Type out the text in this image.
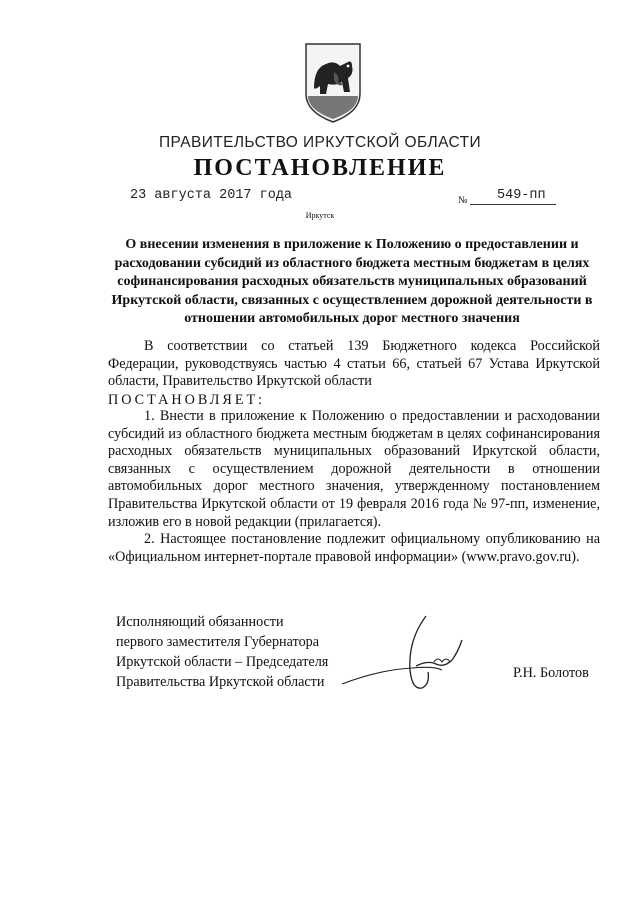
ПРАВИТЕЛЬСТВО ИРКУТСКОЙ ОБЛАСТИ
ПОСТАНОВЛЕНИЕ
23 августа 2017 года	№ 549-пп
Иркутск
О внесении изменения в приложение к Положению о предоставлении и расходовании субсидий из областного бюджета местным бюджетам в целях софинансирования расходных обязательств муниципальных образований Иркутской области, связанных с осуществлением дорожной деятельности в отношении автомобильных дорог местного значения
В соответствии со статьей 139 Бюджетного кодекса Российской Федерации, руководствуясь частью 4 статьи 66, статьей 67 Устава Иркутской области, Правительство Иркутской области
ПОСТАНОВЛЯЕТ:
1. Внести в приложение к Положению о предоставлении и расходовании субсидий из областного бюджета местным бюджетам в целях софинансирования расходных обязательств муниципальных образований Иркутской области, связанных с осуществлением дорожной деятельности в отношении автомобильных дорог местного значения, утвержденному постановлением Правительства Иркутской области от 19 февраля 2016 года № 97-пп, изменение, изложив его в новой редакции (прилагается).
2. Настоящее постановление подлежит официальному опубликованию на «Официальном интернет-портале правовой информации» (www.pravo.gov.ru).
Исполняющий обязанности
первого заместителя Губернатора
Иркутской области – Председателя
Правительства Иркутской области
Р.Н. Болотов
